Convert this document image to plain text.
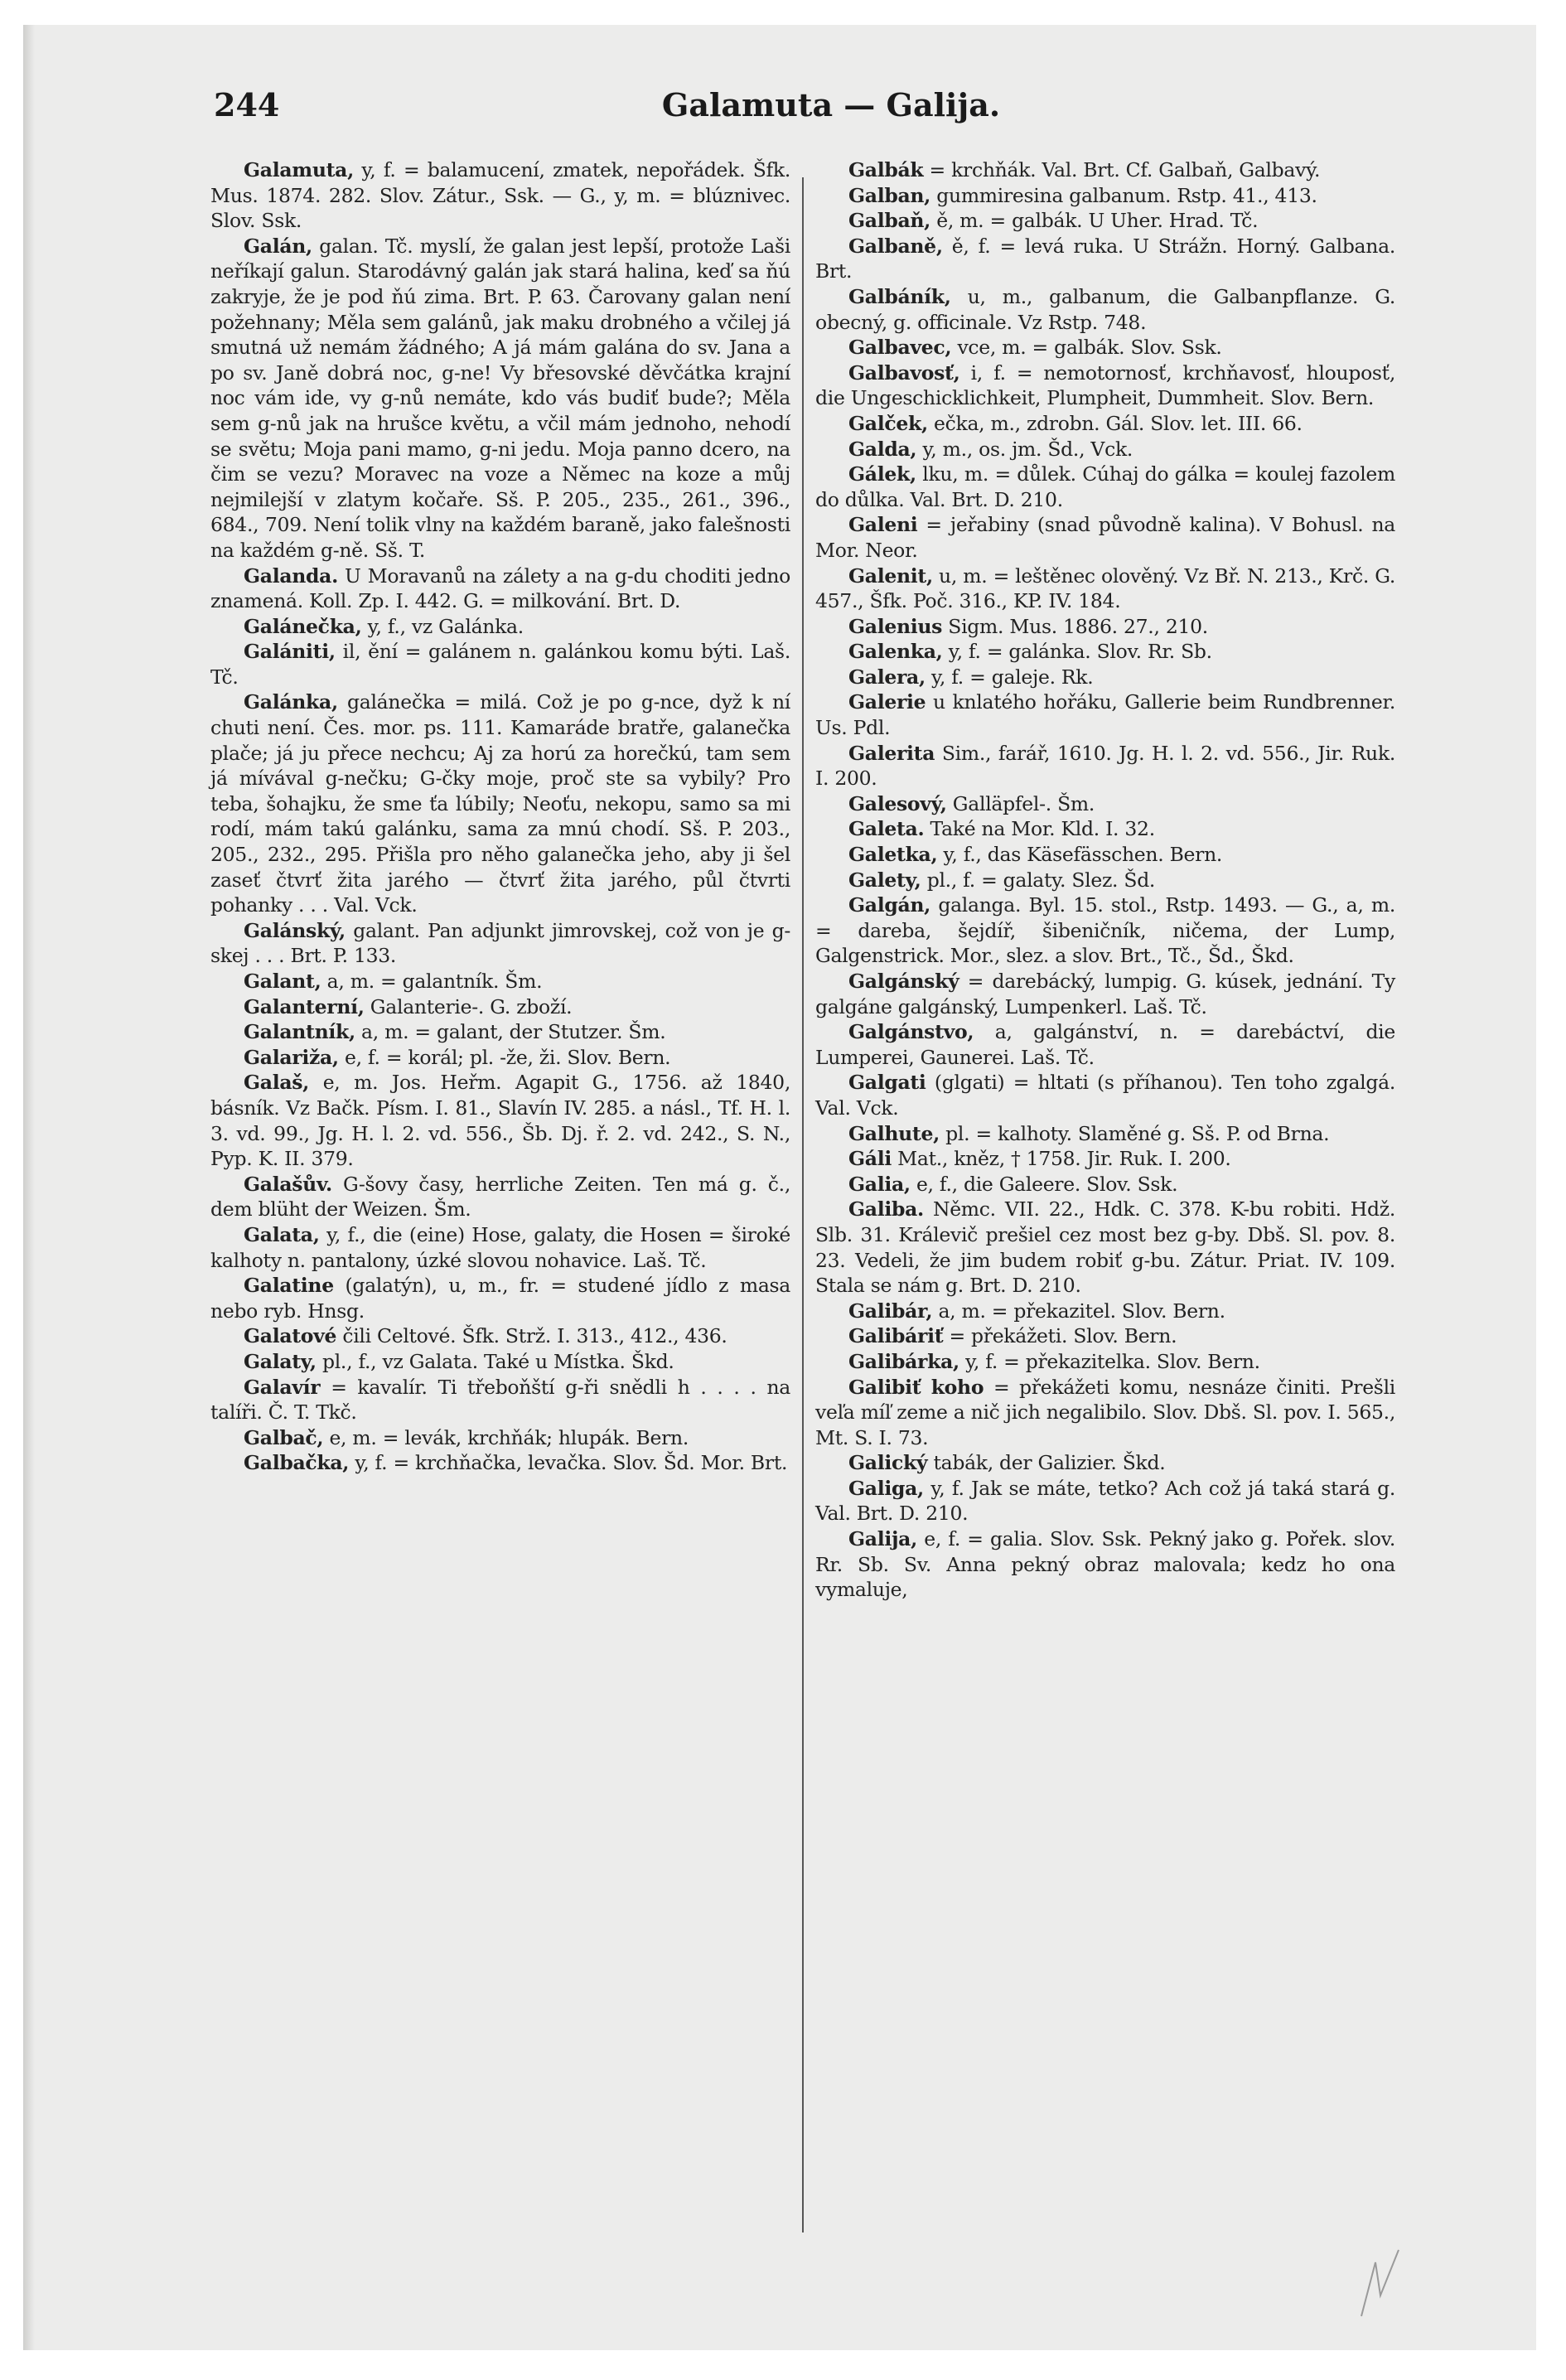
244	Galamuta — Galija.

Galamuta, y, f. = balamucení, zmatek, nepořádek. Šfk. Mus. 1874. 282. Slov. Zátur., Ssk. — G., y, m. = blúznivec. Slov. Ssk.

Galán, galan. Tč. myslí, že galan jest lepší, protože Laši neříkají galun. Starodávný galán jak stará halina, keď sa ňú zakryje, že je pod ňú zima. Brt. P. 63. Čarovany galan není požehnany; Měla sem galánů, jak maku drobného a včilej já smutná už nemám žádného; A já mám galána do sv. Jana a po sv. Janě dobrá noc, g-ne! Vy břesovské děvčátka krajní noc vám ide, vy g-nů nemáte, kdo vás budiť bude?; Měla sem g-nů jak na hrušce květu, a včil mám jednoho, nehodí se světu; Moja pani mamo, g-ni jedu. Moja panno dcero, na čim se vezu? Moravec na voze a Němec na koze a můj nejmilejší v zlatym kočaře. Sš. P. 205., 235., 261., 396., 684., 709. Není tolik vlny na každém baraně, jako falešnosti na každém g-ně. Sš. T.

Galanda. U Moravanů na zálety a na g-du choditi jedno znamená. Koll. Zp. I. 442. G. = milkování. Brt. D.

Galánečka, y, f., vz Galánka.

Galániti, il, ění = galánem n. galánkou komu býti. Laš. Tč.

Galánka, galánečka = milá. Což je po g-nce, dyž k ní chuti není. Čes. mor. ps. 111. Kamaráde bratře, galanečka plače; já ju přece nechcu; Aj za horú za horečkú, tam sem já mívával g-nečku; G-čky moje, proč ste sa vybily? Pro teba, šohajku, že sme ťa lúbily; Neoťu, nekopu, samo sa mi rodí, mám takú galánku, sama za mnú chodí. Sš. P. 203., 205., 232., 295. Přišla pro něho galanečka jeho, aby ji šel zaseť čtvrť žita jarého — čtvrť žita jarého, půl čtvrti pohanky . . . Val. Vck.

Galánský, galant. Pan adjunkt jimrovskej, což von je g-skej . . . Brt. P. 133.

Galant, a, m. = galantník. Šm.

Galanterní, Galanterie-. G. zboží.

Galantník, a, m. = galant, der Stutzer. Šm.

Galariža, e, f. = korál; pl. -že, ži. Slov. Bern.

Galaš, e, m. Jos. Heřm. Agapit G., 1756. až 1840, básník. Vz Bačk. Písm. I. 81., Slavín IV. 285. a násl., Tf. H. l. 3. vd. 99., Jg. H. l. 2. vd. 556., Šb. Dj. ř. 2. vd. 242., S. N., Pyp. K. II. 379.

Galašův. G-šovy časy, herrliche Zeiten. Ten má g. č., dem blüht der Weizen. Šm.

Galata, y, f., die (eine) Hose, galaty, die Hosen = široké kalhoty n. pantalony, úzké slovou nohavice. Laš. Tč.

Galatine (galatýn), u, m., fr. = studené jídlo z masa nebo ryb. Hnsg.

Galatové čili Celtové. Šfk. Strž. I. 313., 412., 436.

Galaty, pl., f., vz Galata. Také u Místka. Škd.

Galavír = kavalír. Ti třeboňští g-ři snědli h . . . . na talíři. Č. T. Tkč.

Galbač, e, m. = levák, krchňák; hlupák. Bern.

Galbačka, y, f. = krchňačka, levačka. Slov. Šd. Mor. Brt.

Galbák = krchňák. Val. Brt. Cf. Galbaň, Galbavý.

Galban, gummiresina galbanum. Rstp. 41., 413.

Galbaň, ě, m. = galbák. U Uher. Hrad. Tč.

Galbaně, ě, f. = levá ruka. U Strážn. Horný. Galbana. Brt.

Galbáník, u, m., galbanum, die Galbanpflanze. G. obecný, g. officinale. Vz Rstp. 748.

Galbavec, vce, m. = galbák. Slov. Ssk.

Galbavosť, i, f. = nemotornosť, krchňavosť, hlouposť, die Ungeschicklichkeit, Plumpheit, Dummheit. Slov. Bern.

Galček, ečka, m., zdrobn. Gál. Slov. let. III. 66.

Galda, y, m., os. jm. Šd., Vck.

Gálek, lku, m. = důlek. Cúhaj do gálka = koulej fazolem do důlka. Val. Brt. D. 210.

Galeni = jeřabiny (snad původně kalina). V Bohusl. na Mor. Neor.

Galenit, u, m. = leštěnec olověný. Vz Bř. N. 213., Krč. G. 457., Šfk. Poč. 316., KP. IV. 184.

Galenius Sigm. Mus. 1886. 27., 210.

Galenka, y, f. = galánka. Slov. Rr. Sb.

Galera, y, f. = galeje. Rk.

Galerie u knlatého hořáku, Gallerie beim Rundbrenner. Us. Pdl.

Galerita Sim., farář, 1610. Jg. H. l. 2. vd. 556., Jir. Ruk. I. 200.

Galesový, Galläpfel-. Šm.

Galeta. Také na Mor. Kld. I. 32.

Galetka, y, f., das Käsefässchen. Bern.

Galety, pl., f. = galaty. Slez. Šd.

Galgán, galanga. Byl. 15. stol., Rstp. 1493. — G., a, m. = dareba, šejdíř, šibeničník, ničema, der Lump, Galgenstrick. Mor., slez. a slov. Brt., Tč., Šd., Škd.

Galgánský = darebácký, lumpig. G. kúsek, jednání. Ty galgáne galgánský, Lumpenkerl. Laš. Tč.

Galgánstvo, a, galgánství, n. = darebáctví, die Lumperei, Gaunerei. Laš. Tč.

Galgati (glgati) = hltati (s příhanou). Ten toho zgalgá. Val. Vck.

Galhute, pl. = kalhoty. Slaměné g. Sš. P. od Brna.

Gáli Mat., kněz, † 1758. Jir. Ruk. I. 200.

Galia, e, f., die Galeere. Slov. Ssk.

Galiba. Němc. VII. 22., Hdk. C. 378. K-bu robiti. Hdž. Slb. 31. Králevič prešiel cez most bez g-by. Dbš. Sl. pov. 8. 23. Vedeli, že jim budem robiť g-bu. Zátur. Priat. IV. 109. Stala se nám g. Brt. D. 210.

Galibár, a, m. = překazitel. Slov. Bern.

Galibáriť = překážeti. Slov. Bern.

Galibárka, y, f. = překazitelka. Slov. Bern.

Galibiť koho = překážeti komu, nesnáze činiti. Prešli veľa míľ zeme a nič jich negalibilo. Slov. Dbš. Sl. pov. I. 565., Mt. S. I. 73.

Galický tabák, der Galizier. Škd.

Galiga, y, f. Jak se máte, tetko? Ach což já taká stará g. Val. Brt. D. 210.

Galija, e, f. = galia. Slov. Ssk. Pekný jako g. Pořek. slov. Rr. Sb. Sv. Anna pekný obraz malovala; kedz ho ona vymaluje,
